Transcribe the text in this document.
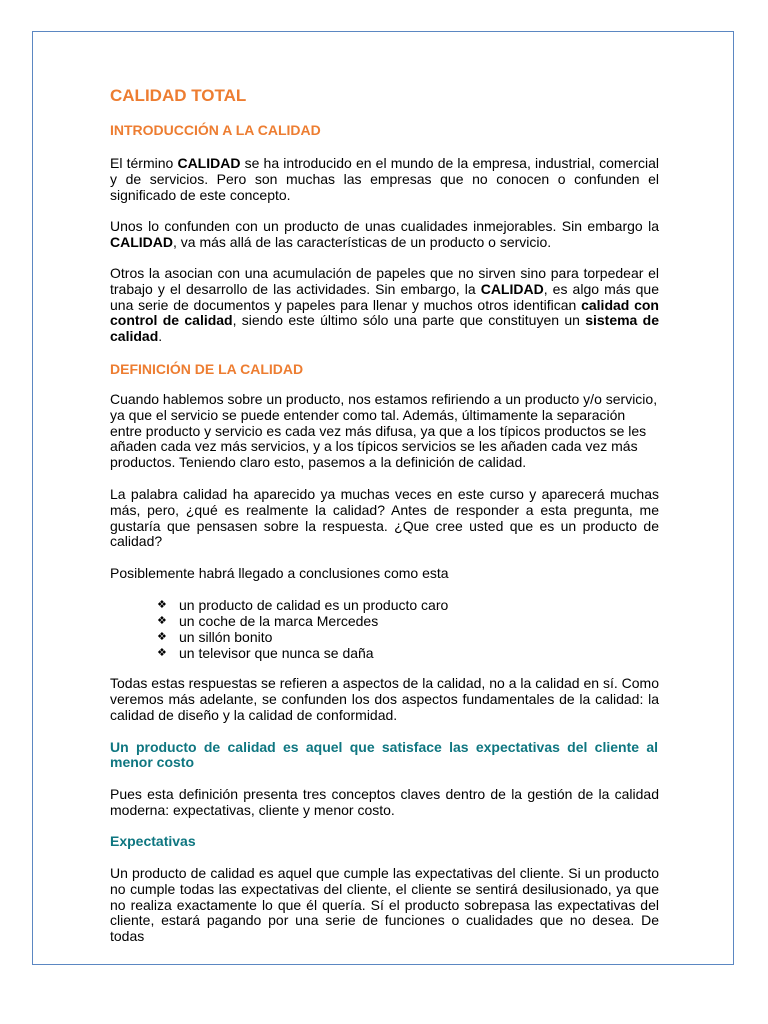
CALIDAD TOTAL
INTRODUCCIÓN A LA CALIDAD

El término CALIDAD se ha introducido en el mundo de la empresa, industrial, comercial y de servicios. Pero son muchas las empresas que no conocen o confunden el significado de este concepto.

Unos lo confunden con un producto de unas cualidades inmejorables. Sin embargo la CALIDAD, va más allá de las características de un producto o servicio.

Otros la asocian con una acumulación de papeles que no sirven sino para torpedear el trabajo y el desarrollo de las actividades. Sin embargo, la CALIDAD, es algo más que una serie de documentos y papeles para llenar y muchos otros identifican calidad con control de calidad, siendo este último sólo una parte que constituyen un sistema de calidad.

DEFINICIÓN DE LA CALIDAD

Cuando hablemos sobre un producto, nos estamos refiriendo a un producto y/o servicio, ya que el servicio se puede entender como tal. Además, últimamente la separación entre producto y servicio es cada vez más difusa, ya que a los típicos productos se les añaden cada vez más servicios, y a los típicos servicios se les añaden cada vez más productos. Teniendo claro esto, pasemos a la definición de calidad.

La palabra calidad ha aparecido ya muchas veces en este curso y aparecerá muchas más, pero, ¿qué es realmente la calidad? Antes de responder a esta pregunta, me gustaría que pensasen sobre la respuesta. ¿Que cree usted que es un producto de calidad?

Posiblemente habrá llegado a conclusiones como esta

❖ un producto de calidad es un producto caro
❖ un coche de la marca Mercedes
❖ un sillón bonito
❖ un televisor que nunca se daña

Todas estas respuestas se refieren a aspectos de la calidad, no a la calidad en sí. Como veremos más adelante, se confunden los dos aspectos fundamentales de la calidad: la calidad de diseño y la calidad de conformidad.

Un producto de calidad es aquel que satisface las expectativas del cliente al menor costo

Pues esta definición presenta tres conceptos claves dentro de la gestión de la calidad moderna: expectativas, cliente y menor costo.

Expectativas

Un producto de calidad es aquel que cumple las expectativas del cliente. Si un producto no cumple todas las expectativas del cliente, el cliente se sentirá desilusionado, ya que no realiza exactamente lo que él quería. Sí el producto sobrepasa las expectativas del cliente, estará pagando por una serie de funciones o cualidades que no desea. De todas
